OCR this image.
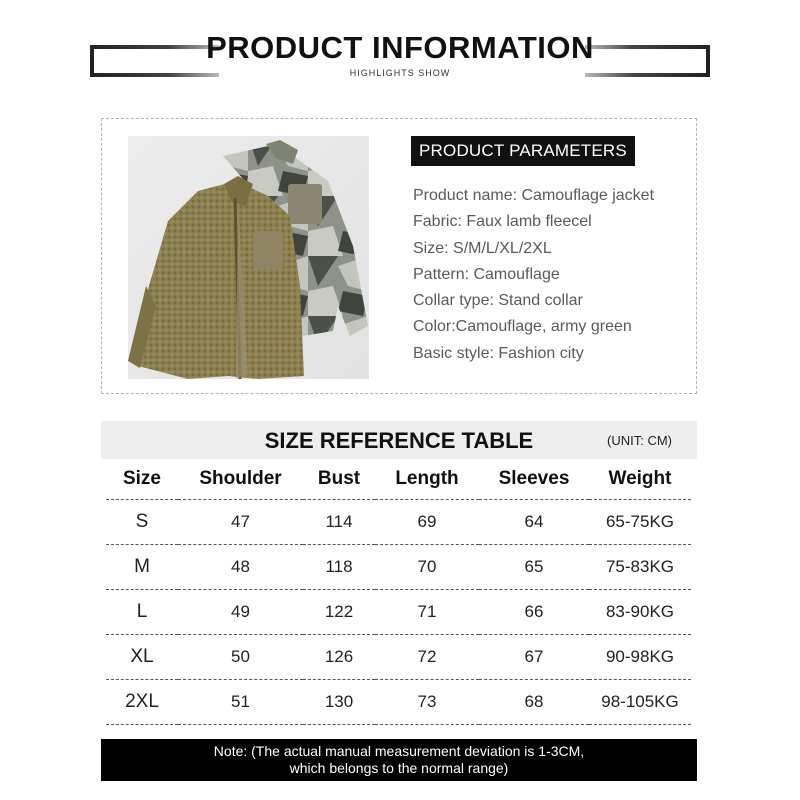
PRODUCT INFORMATION

HIGHLIGHTS SHOW

PRODUCT PARAMETERS
Product name: Camouflage jacket
Fabric: Faux lamb fleecel
Size: S/M/L/XL/2XL
Pattern: Camouflage
Collar type: Stand collar
Color:Camouflage, army green
Basic style: Fashion city
SIZE REFERENCE TABLE	(UNIT: CM)
Size	Shoulder	Bust	Length	Sleeves	Weight
S	47	114	69	64	65-75KG
M	48	118	70	65	75-83KG
L	49	122	71	66	83-90KG
XL	50	126	72	67	90-98KG
2XL	51	130	73	68	98-105KG
Note: (The actual manual measurement deviation is 1-3CM,
which belongs to the normal range)
